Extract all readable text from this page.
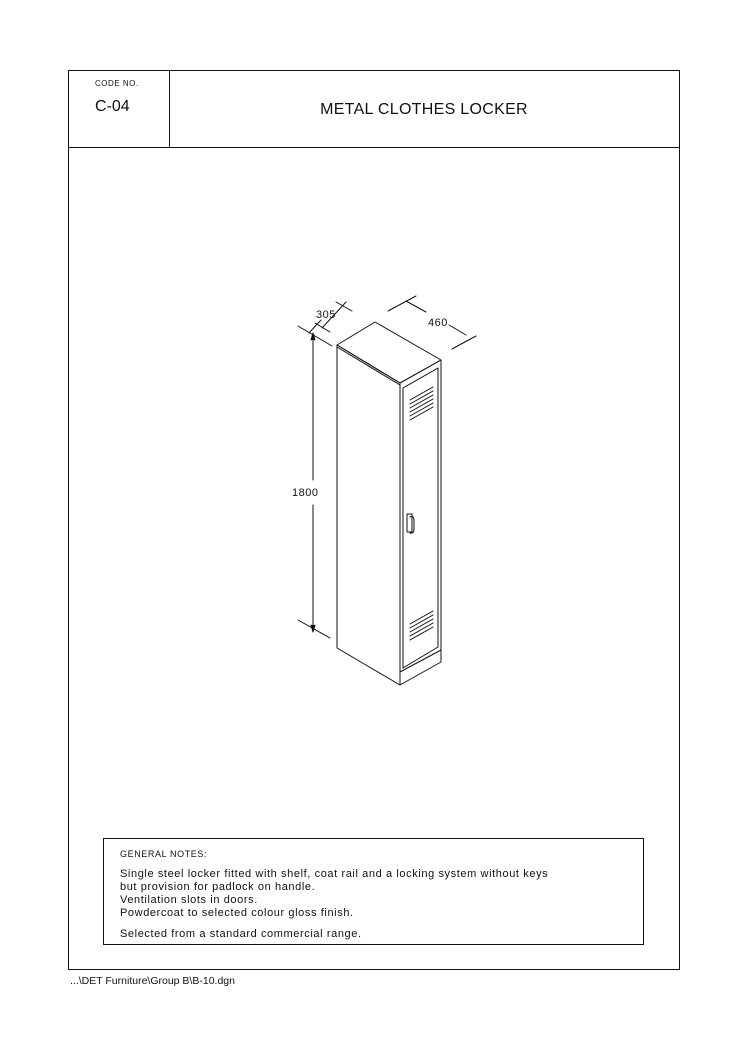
CODE NO.
C-04	METAL CLOTHES LOCKER
305
460
1800
GENERAL NOTES:
Single steel locker fitted with shelf, coat rail and a locking system without keys
but provision for padlock on handle.
Ventilation slots in doors.
Powdercoat to selected colour gloss finish.
Selected from a standard commercial range.
...\DET Furniture\Group B\B-10.dgn
